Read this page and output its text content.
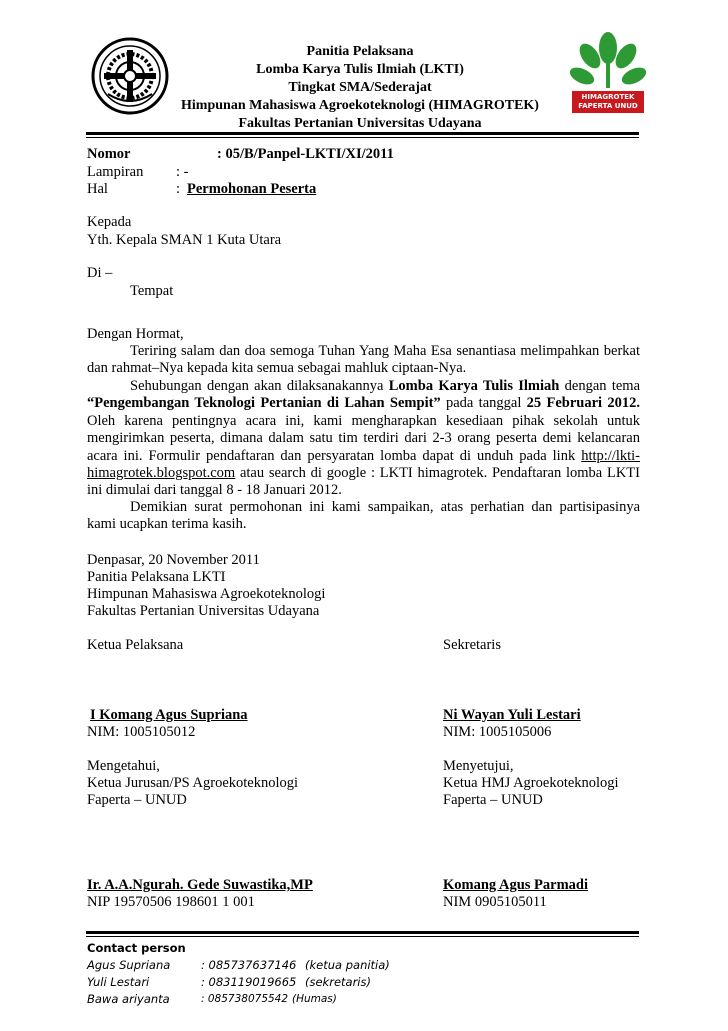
Panitia Pelaksana
Lomba Karya Tulis Ilmiah (LKTI)
Tingkat SMA/Sederajat
Himpunan Mahasiswa Agroekoteknologi (HIMAGROTEK)
Fakultas Pertanian Universitas Udayana
HIMAGROTEK
FAPERTA UNUD
Nomor	: 05/B/Panpel-LKTI/XI/2011
Lampiran : -
Hal	: Permohonan Peserta
Kepada
Yth. Kepala SMAN 1 Kuta Utara
Di –
Tempat
Dengan Hormat,
Teriring salam dan doa semoga Tuhan Yang Maha Esa senantiasa melimpahkan berkat dan rahmat–Nya kepada kita semua sebagai mahluk ciptaan-Nya.
Sehubungan dengan akan dilaksanakannya Lomba Karya Tulis Ilmiah dengan tema “Pengembangan Teknologi Pertanian di Lahan Sempit” pada tanggal 25 Februari 2012. Oleh karena pentingnya acara ini, kami mengharapkan kesediaan pihak sekolah untuk mengirimkan peserta, dimana dalam satu tim terdiri dari 2-3 orang peserta demi kelancaran acara ini. Formulir pendaftaran dan persyaratan lomba dapat di unduh pada link http://lkti-himagrotek.blogspot.com atau search di google : LKTI himagrotek. Pendaftaran lomba LKTI ini dimulai dari tanggal 8 - 18 Januari 2012.
Demikian surat permohonan ini kami sampaikan, atas perhatian dan partisipasinya kami ucapkan terima kasih.
Denpasar, 20 November 2011
Panitia Pelaksana LKTI
Himpunan Mahasiswa Agroekoteknologi
Fakultas Pertanian Universitas Udayana
Ketua Pelaksana	Sekretaris
I Komang Agus Supriana
NIM: 1005105012
Ni Wayan Yuli Lestari
NIM: 1005105006
Mengetahui,
Ketua Jurusan/PS Agroekoteknologi
Faperta – UNUD
Menyetujui,
Ketua HMJ Agroekoteknologi
Faperta – UNUD
Ir. A.A.Ngurah. Gede Suwastika,MP
NIP 19570506 198601 1 001
Komang Agus Parmadi
NIM 0905105011
Contact person
Agus Supriana	: 085737637146 (ketua panitia)
Yuli Lestari	: 083119019665 (sekretaris)
Bawa ariyanta	: 085738075542 (Humas)
